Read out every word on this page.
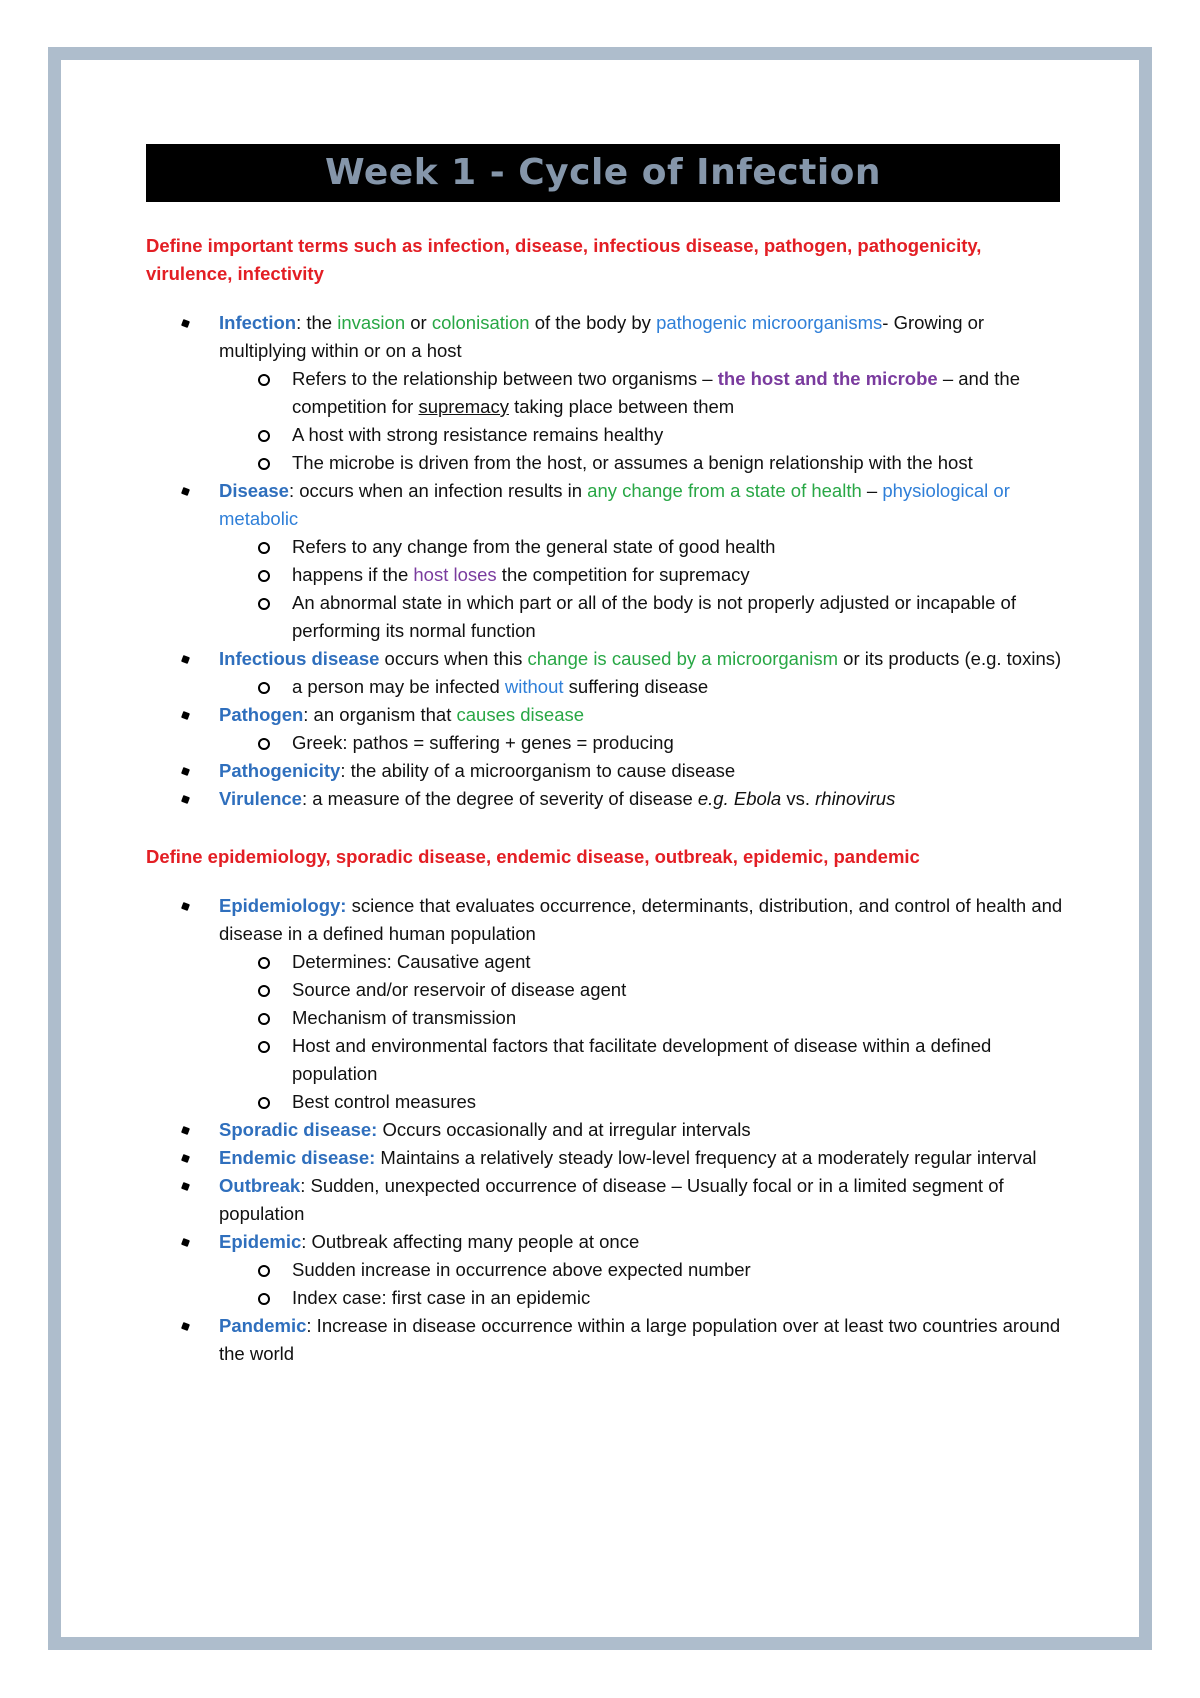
Week 1 - Cycle of Infection

Define important terms such as infection, disease, infectious disease, pathogen, pathogenicity, virulence, infectivity

Infection: the invasion or colonisation of the body by pathogenic microorganisms- Growing or multiplying within or on a host
Refers to the relationship between two organisms – the host and the microbe – and the competition for supremacy taking place between them
A host with strong resistance remains healthy
The microbe is driven from the host, or assumes a benign relationship with the host
Disease: occurs when an infection results in any change from a state of health – physiological or metabolic
Refers to any change from the general state of good health
happens if the host loses the competition for supremacy
An abnormal state in which part or all of the body is not properly adjusted or incapable of performing its normal function
Infectious disease occurs when this change is caused by a microorganism or its products (e.g. toxins)
a person may be infected without suffering disease
Pathogen: an organism that causes disease
Greek: pathos = suffering + genes = producing
Pathogenicity: the ability of a microorganism to cause disease
Virulence: a measure of the degree of severity of disease e.g. Ebola vs. rhinovirus

Define epidemiology, sporadic disease, endemic disease, outbreak, epidemic, pandemic

Epidemiology: science that evaluates occurrence, determinants, distribution, and control of health and disease in a defined human population
Determines: Causative agent
Source and/or reservoir of disease agent
Mechanism of transmission
Host and environmental factors that facilitate development of disease within a defined population
Best control measures
Sporadic disease: Occurs occasionally and at irregular intervals
Endemic disease: Maintains a relatively steady low-level frequency at a moderately regular interval
Outbreak: Sudden, unexpected occurrence of disease – Usually focal or in a limited segment of population
Epidemic: Outbreak affecting many people at once
Sudden increase in occurrence above expected number
Index case: first case in an epidemic
Pandemic: Increase in disease occurrence within a large population over at least two countries around the world
